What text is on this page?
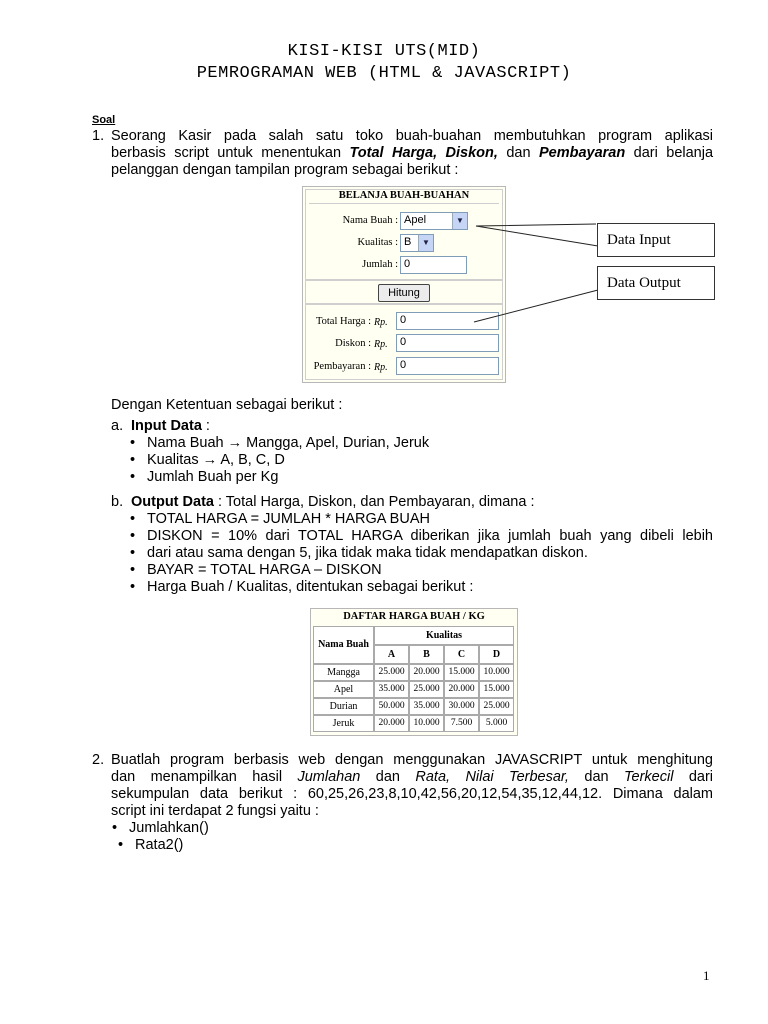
KISI-KISI UTS(MID)
PEMROGRAMAN WEB (HTML & JAVASCRIPT)
Soal
1. Seorang Kasir pada salah satu toko buah-buahan membutuhkan program aplikasi
berbasis script untuk menentukan Total Harga, Diskon, dan Pembayaran dari belanja
pelanggan dengan tampilan program sebagai berikut :
BELANJA BUAH-BUAHAN
Nama Buah : Apel	▼
Kualitas : B	▼
Jumlah : 0
Hitung
Total Harga : Rp. 0
Diskon : Rp. 0
Pembayaran : Rp. 0
Data Input
Data Output
Dengan Ketentuan sebagai berikut :
a. Input Data :
• Nama Buah → Mangga, Apel, Durian, Jeruk
• Kualitas → A, B, C, D
• Jumlah Buah per Kg
b. Output Data : Total Harga, Diskon, dan Pembayaran, dimana :
• TOTAL HARGA = JUMLAH * HARGA BUAH
• DISKON = 10% dari TOTAL HARGA diberikan jika jumlah buah yang dibeli lebih
• dari atau sama dengan 5, jika tidak maka tidak mendapatkan diskon.
• BAYAR = TOTAL HARGA – DISKON
• Harga Buah / Kualitas, ditentukan sebagai berikut :
DAFTAR HARGA BUAH / KG
Nama Buah
Kualitas
A	B	C	D
Mangga	25.000 20.000 15.000 10.000
Apel	35.000 25.000 20.000 15.000
Durian	50.000 35.000 30.000 25.000
Jeruk	20.000 10.000	7.500	5.000
2. Buatlah program berbasis web dengan menggunakan JAVASCRIPT untuk menghitung
dan menampilkan hasil Jumlahan dan Rata, Nilai Terbesar, dan Terkecil dari
sekumpulan data berikut : 60,25,26,23,8,10,42,56,20,12,54,35,12,44,12. Dimana dalam
script ini terdapat 2 fungsi yaitu :
• Jumlahkan()
• Rata2()
1
